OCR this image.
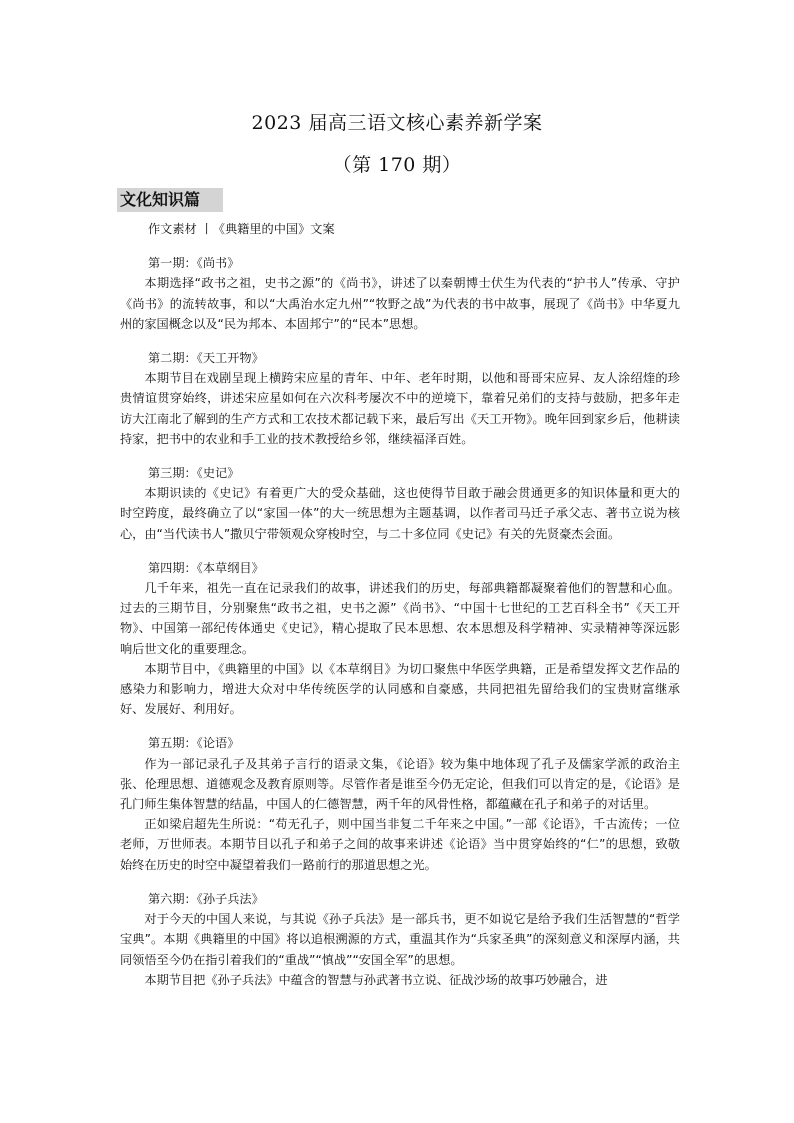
2023 届高三语文核心素养新学案
（第 170 期）
文化知识篇

作文素材 丨《典籍里的中国》文案

第一期：《尚书》

本期选择“政书之祖，史书之源”的《尚书》，讲述了以秦朝博士伏生为代表的“护书人”传承、守护《尚书》的流转故事，和以“大禹治水定九州”“牧野之战”为代表的书中故事，展现了《尚书》中华夏九州的家国概念以及“民为邦本、本固邦宁”的“民本”思想。

第二期：《天工开物》

本期节目在戏剧呈现上横跨宋应星的青年、中年、老年时期，以他和哥哥宋应昇、友人涂绍煃的珍贵情谊贯穿始终，讲述宋应星如何在六次科考屡次不中的逆境下，靠着兄弟们的支持与鼓励，把多年走访大江南北了解到的生产方式和工农技术都记载下来，最后写出《天工开物》。晚年回到家乡后，他耕读持家，把书中的农业和手工业的技术教授给乡邻，继续福泽百姓。

第三期：《史记》

本期识读的《史记》有着更广大的受众基础，这也使得节目敢于融会贯通更多的知识体量和更大的时空跨度，最终确立了以“家国一体”的大一统思想为主题基调，以作者司马迁子承父志、著书立说为核心，由“当代读书人”撒贝宁带领观众穿梭时空，与二十多位同《史记》有关的先贤豪杰会面。

第四期：《本草纲目》

几千年来，祖先一直在记录我们的故事，讲述我们的历史，每部典籍都凝聚着他们的智慧和心血。过去的三期节目，分别聚焦“政书之祖，史书之源”《尚书》、“中国十七世纪的工艺百科全书”《天工开物》、中国第一部纪传体通史《史记》，精心提取了民本思想、农本思想及科学精神、实录精神等深远影响后世文化的重要理念。

本期节目中，《典籍里的中国》以《本草纲目》为切口聚焦中华医学典籍，正是希望发挥文艺作品的感染力和影响力，增进大众对中华传统医学的认同感和自豪感，共同把祖先留给我们的宝贵财富继承好、发展好、利用好。

第五期：《论语》

作为一部记录孔子及其弟子言行的语录文集，《论语》较为集中地体现了孔子及儒家学派的政治主张、伦理思想、道德观念及教育原则等。尽管作者是谁至今仍无定论，但我们可以肯定的是，《论语》是孔门师生集体智慧的结晶，中国人的仁德智慧，两千年的风骨性格，都蕴藏在孔子和弟子的对话里。

正如梁启超先生所说：“苟无孔子，则中国当非复二千年来之中国。”一部《论语》，千古流传；一位老师，万世师表。本期节目以孔子和弟子之间的故事来讲述《论语》当中贯穿始终的“仁”的思想，致敬始终在历史的时空中凝望着我们一路前行的那道思想之光。

第六期：《孙子兵法》

对于今天的中国人来说，与其说《孙子兵法》是一部兵书，更不如说它是给予我们生活智慧的“哲学宝典”。本期《典籍里的中国》将以追根溯源的方式，重温其作为“兵家圣典”的深刻意义和深厚内涵，共同领悟至今仍在指引着我们的“重战”“慎战”“安国全军”的思想。

本期节目把《孙子兵法》中蕴含的智慧与孙武著书立说、征战沙场的故事巧妙融合，进
